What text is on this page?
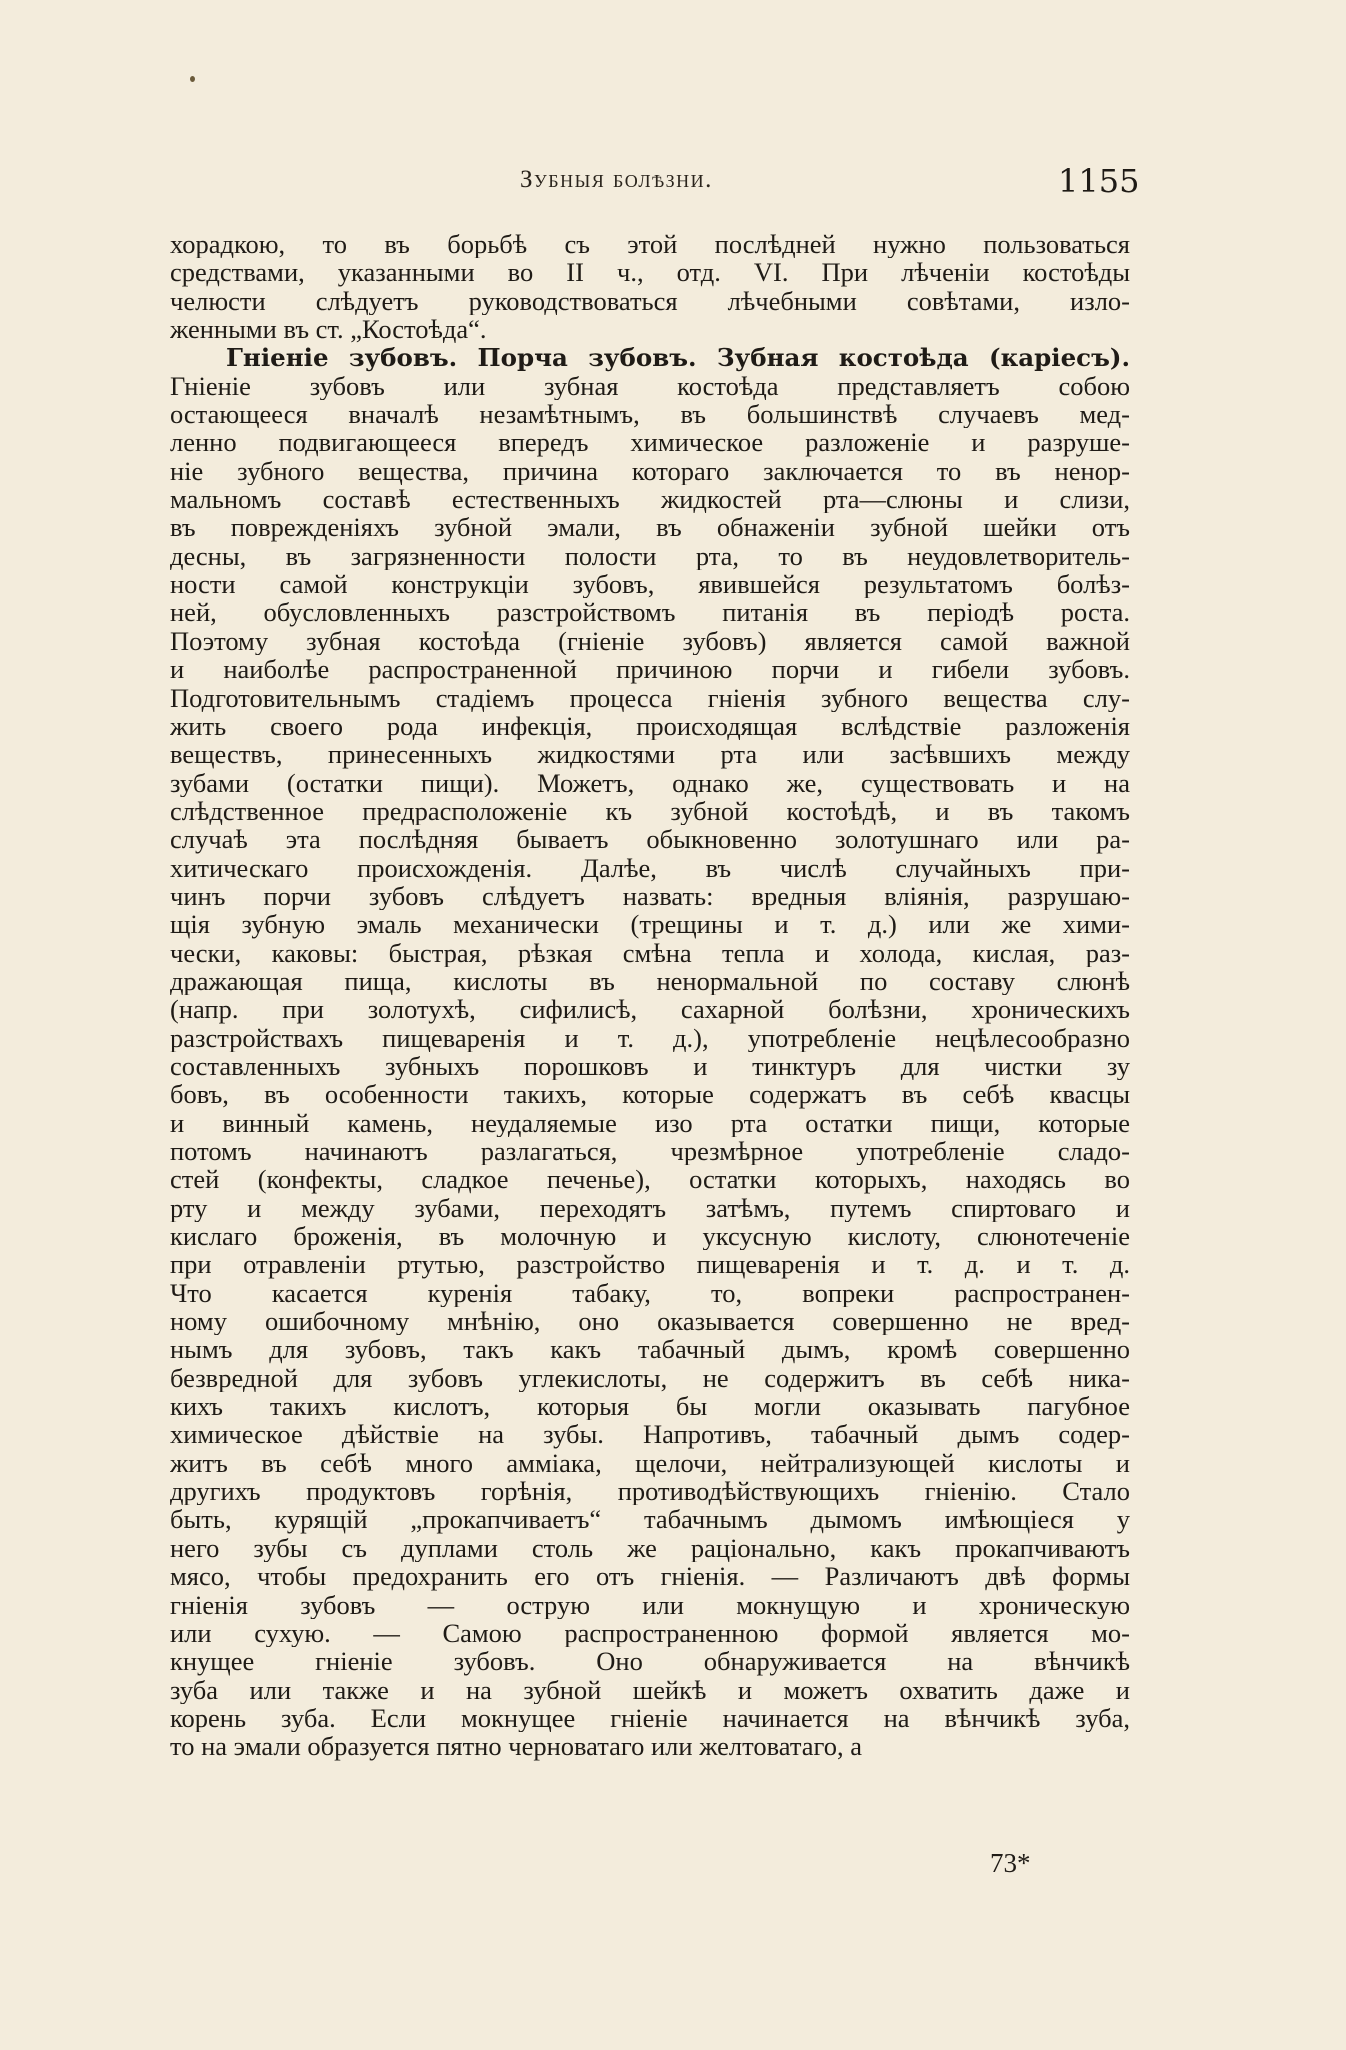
Зубныя болѣзни.	1155
хорадкою, то въ борьбѣ съ этой послѣдней нужно пользоваться
средствами, указанными во II ч., отд. VI. При лѣченіи костоѣды
челюсти слѣдуетъ руководствоваться лѣчебными совѣтами, изло-
женными въ ст. „Костоѣда“.
Гніеніе зубовъ. Порча зубовъ. Зубная костоѣда (каріесъ).
Гніеніе зубовъ или зубная костоѣда представляетъ собою
остающееся вначалѣ незамѣтнымъ, въ большинствѣ случаевъ мед-
ленно подвигающееся впередъ химическое разложеніе и разруше-
ніе зубного вещества, причина котораго заключается то въ ненор-
мальномъ составѣ естественныхъ жидкостей рта—слюны и слизи,
въ поврежденіяхъ зубной эмали, въ обнаженіи зубной шейки отъ
десны, въ загрязненности полости рта, то въ неудовлетворитель-
ности самой конструкціи зубовъ, явившейся результатомъ болѣз-
ней, обусловленныхъ разстройствомъ питанія въ періодѣ роста.
Поэтому зубная костоѣда (гніеніе зубовъ) является самой важной
и наиболѣе распространенной причиною порчи и гибели зубовъ.
Подготовительнымъ стадіемъ процесса гніенія зубного вещества слу-
жить своего рода инфекція, происходящая вслѣдствіе разложенія
веществъ, принесенныхъ жидкостями рта или засѣвшихъ между
зубами (остатки пищи). Можетъ, однако же, существовать и на
слѣдственное предрасположеніе къ зубной костоѣдѣ, и въ такомъ
случаѣ эта послѣдняя бываетъ обыкновенно золотушнаго или ра-
хитическаго происхожденія. Далѣе, въ числѣ случайныхъ при-
чинъ порчи зубовъ слѣдуетъ назвать: вредныя вліянія, разрушаю-
щія зубную эмаль механически (трещины и т. д.) или же хими-
чески, каковы: быстрая, рѣзкая смѣна тепла и холода, кислая, раз-
дражающая пища, кислоты въ ненормальной по составу слюнѣ
(напр. при золотухѣ, сифилисѣ, сахарной болѣзни, хроническихъ
разстройствахъ пищеваренія и т. д.), употребленіе нецѣлесообразно
составленныхъ зубныхъ порошковъ и тинктуръ для чистки зу
бовъ, въ особенности такихъ, которые содержатъ въ себѣ квасцы
и винный камень, неудаляемые изо рта остатки пищи, которые
потомъ начинаютъ разлагаться, чрезмѣрное употребленіе сладо-
стей (конфекты, сладкое печенье), остатки которыхъ, находясь во
рту и между зубами, переходятъ затѣмъ, путемъ спиртоваго и
кислаго броженія, въ молочную и уксусную кислоту, слюнотеченіе
при отравленіи ртутью, разстройство пищеваренія и т. д. и т. д.
Что касается куренія табаку, то, вопреки распространен-
ному ошибочному мнѣнію, оно оказывается совершенно не вред-
нымъ для зубовъ, такъ какъ табачный дымъ, кромѣ совершенно
безвредной для зубовъ углекислоты, не содержитъ въ себѣ ника-
кихъ такихъ кислотъ, которыя бы могли оказывать пагубное
химическое дѣйствіе на зубы. Напротивъ, табачный дымъ содер-
житъ въ себѣ много амміака, щелочи, нейтрализующей кислоты и
другихъ продуктовъ горѣнія, противодѣйствующихъ гніенію. Стало
быть, курящій „прокапчиваетъ“ табачнымъ дымомъ имѣющіеся у
него зубы съ дуплами столь же раціонально, какъ прокапчиваютъ
мясо, чтобы предохранить его отъ гніенія. — Различаютъ двѣ формы
гніенія зубовъ — острую или мокнущую и хроническую
или сухую. — Самою распространенною формой является мо-
кнущее гніеніе зубовъ. Оно обнаруживается на вѣнчикѣ
зуба или также и на зубной шейкѣ и можетъ охватить даже и
корень зуба. Если мокнущее гніеніе начинается на вѣнчикѣ зуба,
то на эмали образуется пятно черноватаго или желтоватаго, а
73*
